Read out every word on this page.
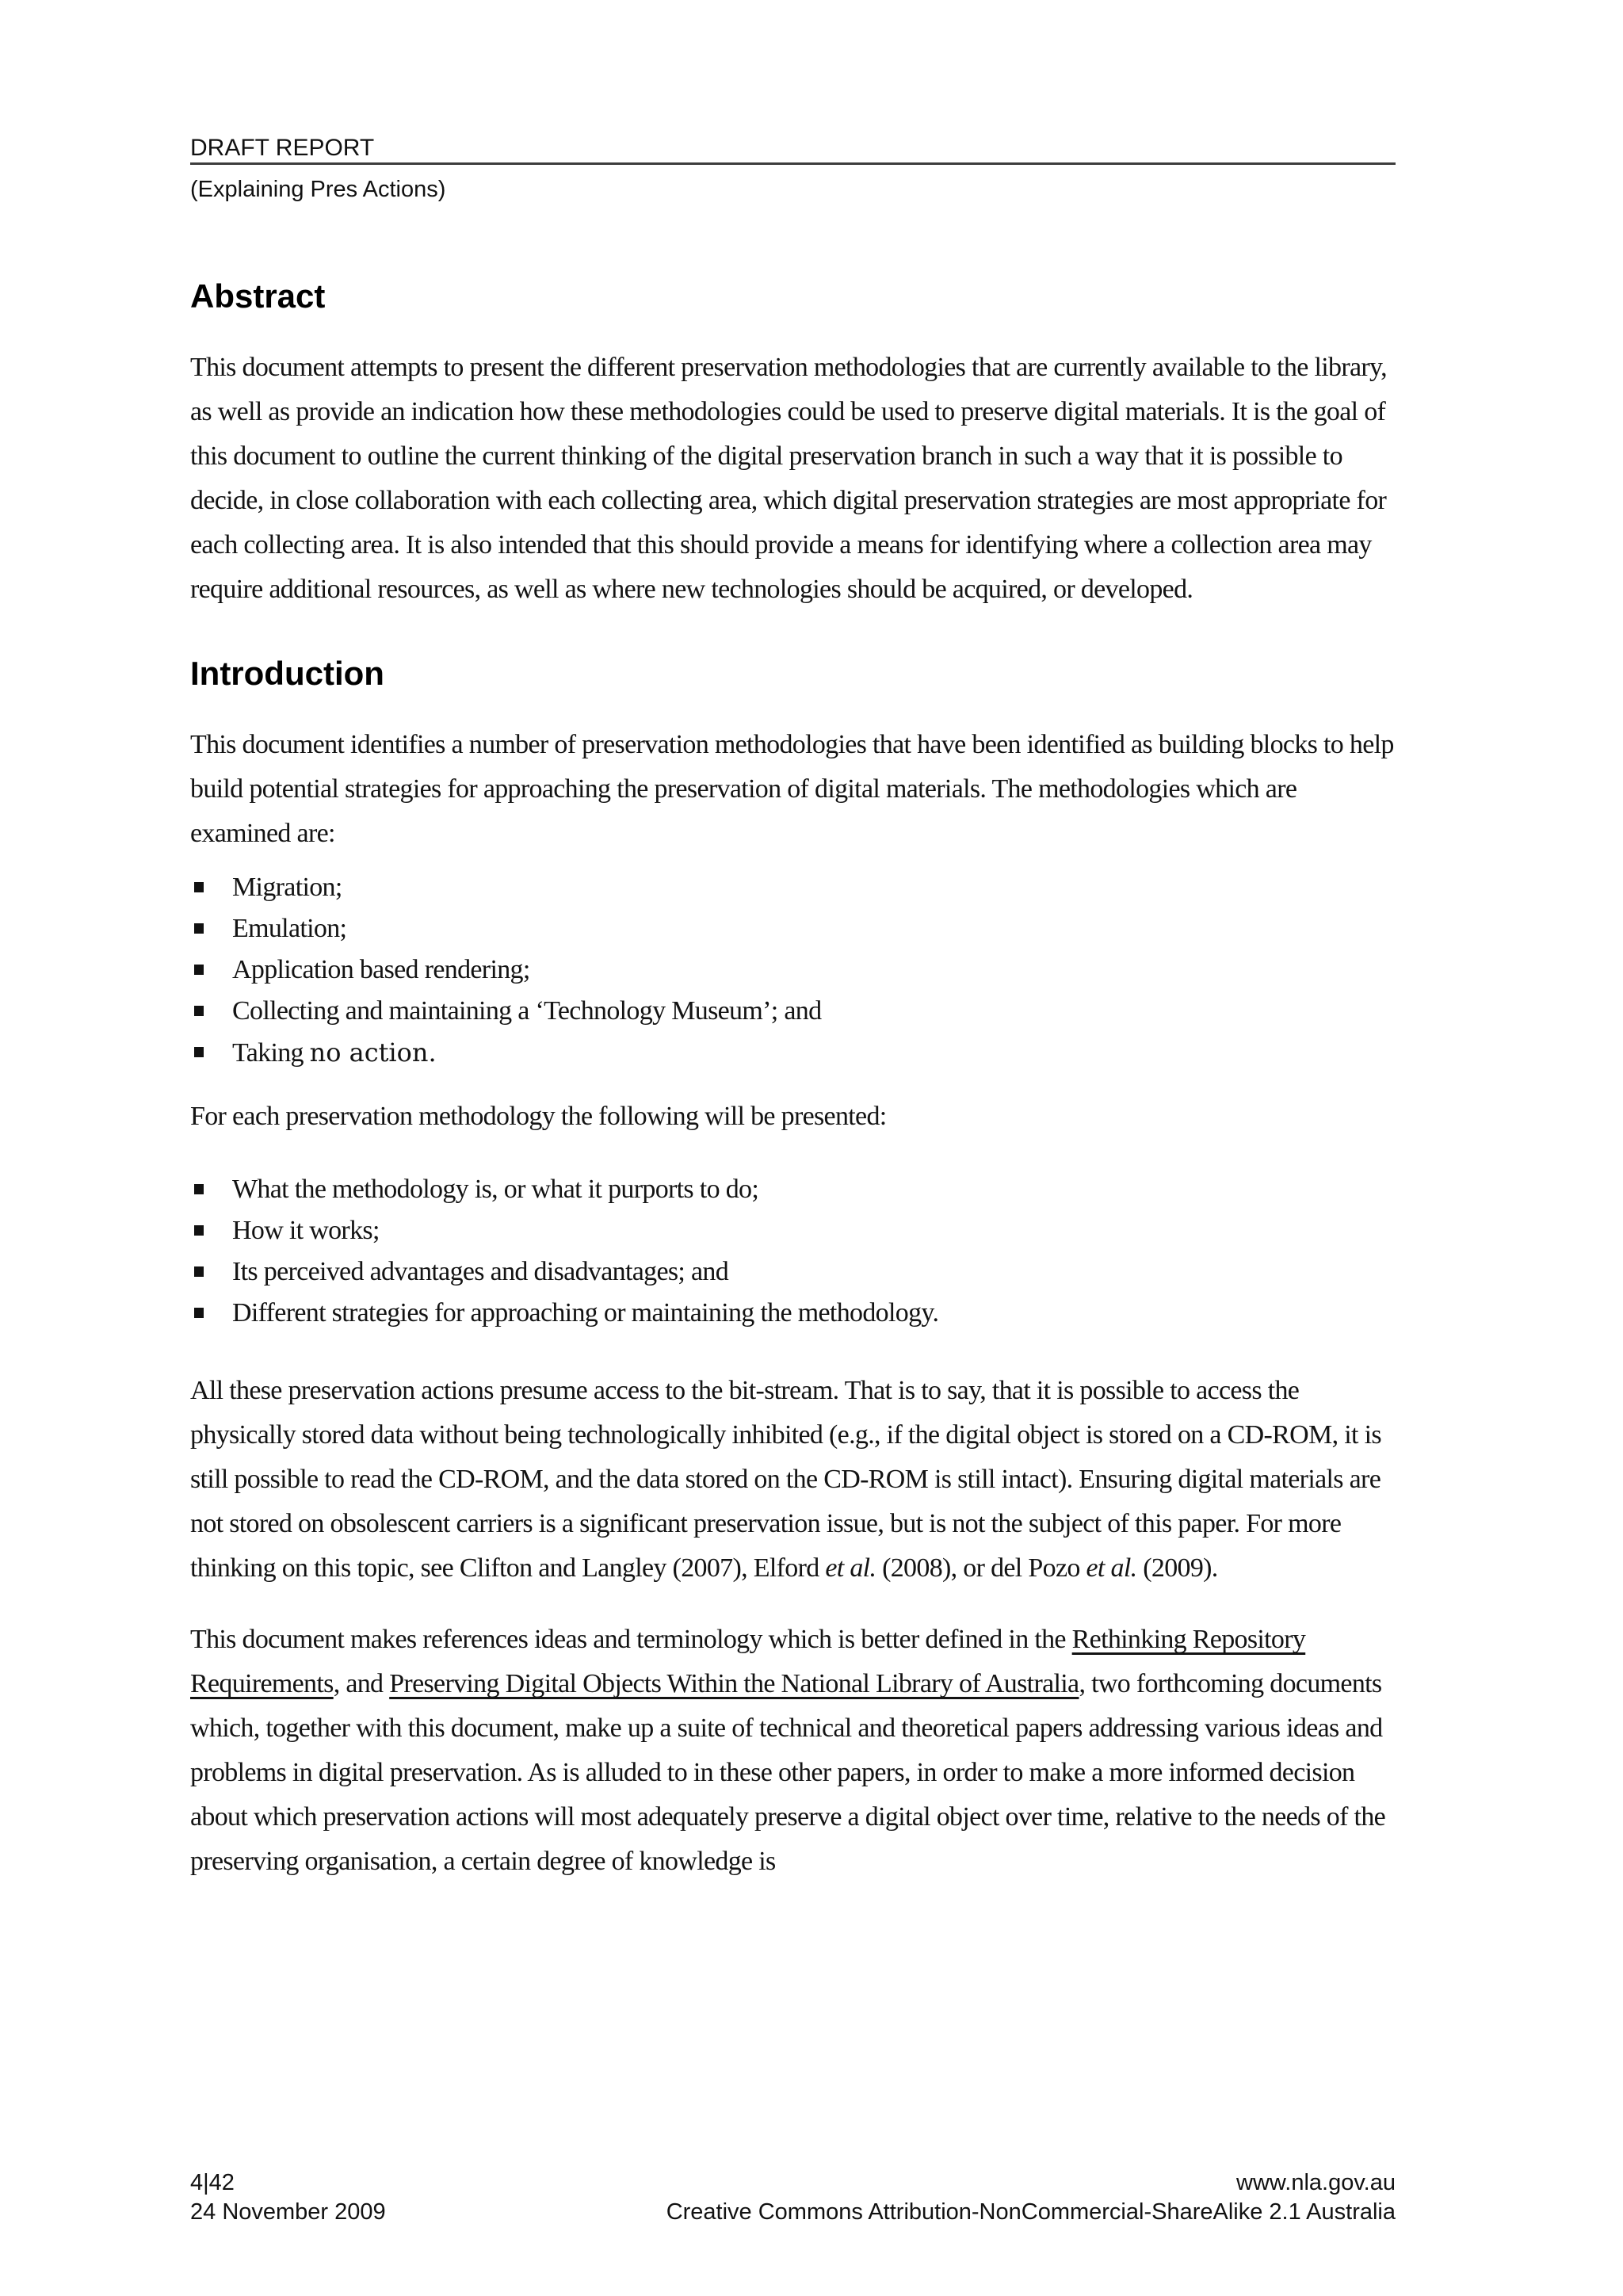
DRAFT REPORT
(Explaining Pres Actions)
Abstract

This document attempts to present the different preservation methodologies that are currently available to the library, as well as provide an indication how these methodologies could be used to preserve digital materials. It is the goal of this document to outline the current thinking of the digital preservation branch in such a way that it is possible to decide, in close collaboration with each collecting area, which digital preservation strategies are most appropriate for each collecting area. It is also intended that this should provide a means for identifying where a collection area may require additional resources, as well as where new technologies should be acquired, or developed.

Introduction

This document identifies a number of preservation methodologies that have been identified as building blocks to help build potential strategies for approaching the preservation of digital materials. The methodologies which are examined are:

Migration;
Emulation;
Application based rendering;
Collecting and maintaining a ‘Technology Museum’; and
Taking no action.

For each preservation methodology the following will be presented:

What the methodology is, or what it purports to do;
How it works;
Its perceived advantages and disadvantages; and
Different strategies for approaching or maintaining the methodology.

All these preservation actions presume access to the bit-stream. That is to say, that it is possible to access the physically stored data without being technologically inhibited (e.g., if the digital object is stored on a CD-ROM, it is still possible to read the CD-ROM, and the data stored on the CD-ROM is still intact). Ensuring digital materials are not stored on obsolescent carriers is a significant preservation issue, but is not the subject of this paper. For more thinking on this topic, see Clifton and Langley (2007), Elford et al. (2008), or del Pozo et al. (2009).

This document makes references ideas and terminology which is better defined in the Rethinking Repository Requirements, and Preserving Digital Objects Within the National Library of Australia, two forthcoming documents which, together with this document, make up a suite of technical and theoretical papers addressing various ideas and problems in digital preservation. As is alluded to in these other papers, in order to make a more informed decision about which preservation actions will most adequately preserve a digital object over time, relative to the needs of the preserving organisation, a certain degree of knowledge is

4|42
24 November 2009
www.nla.gov.au
Creative Commons Attribution-NonCommercial-ShareAlike 2.1 Australia
